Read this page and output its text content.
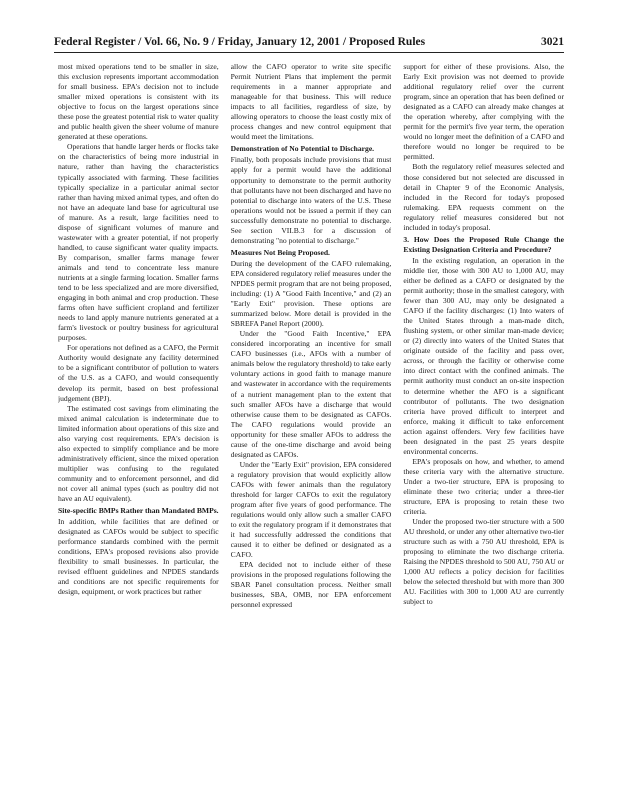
Federal Register / Vol. 66, No. 9 / Friday, January 12, 2001 / Proposed Rules	3021

most mixed operations tend to be smaller in size, this exclusion represents important accommodation for small business. EPA's decision not to include smaller mixed operations is consistent with its objective to focus on the largest operations since these pose the greatest potential risk to water quality and public health given the sheer volume of manure generated at these operations.

Operations that handle larger herds or flocks take on the characteristics of being more industrial in nature, rather than having the characteristics typically associated with farming. These facilities typically specialize in a particular animal sector rather than having mixed animal types, and often do not have an adequate land base for agricultural use of manure. As a result, large facilities need to dispose of significant volumes of manure and wastewater with a greater potential, if not properly handled, to cause significant water quality impacts. By comparison, smaller farms manage fewer animals and tend to concentrate less manure nutrients at a single farming location. Smaller farms tend to be less specialized and are more diversified, engaging in both animal and crop production. These farms often have sufficient cropland and fertilizer needs to land apply manure nutrients generated at a farm's livestock or poultry business for agricultural purposes.

For operations not defined as a CAFO, the Permit Authority would designate any facility determined to be a significant contributor of pollution to waters of the U.S. as a CAFO, and would consequently develop its permit, based on best professional judgement (BPJ).

The estimated cost savings from eliminating the mixed animal calculation is indeterminate due to limited information about operations of this size and also varying cost requirements. EPA's decision is also expected to simplify compliance and be more administratively efficient, since the mixed operation multiplier was confusing to the regulated community and to enforcement personnel, and did not cover all animal types (such as poultry did not have an AU equivalent).

Site-specific BMPs Rather than Mandated BMPs.

In addition, while facilities that are defined or designated as CAFOs would be subject to specific performance standards combined with the permit conditions, EPA's proposed revisions also provide flexibility to small businesses. In particular, the revised effluent guidelines and NPDES standards and conditions are not specific requirements for design, equipment, or work practices but rather

allow the CAFO operator to write site specific Permit Nutrient Plans that implement the permit requirements in a manner appropriate and manageable for that business. This will reduce impacts to all facilities, regardless of size, by allowing operators to choose the least costly mix of process changes and new control equipment that would meet the limitations.

Demonstration of No Potential to Discharge.

Finally, both proposals include provisions that must apply for a permit would have the additional opportunity to demonstrate to the permit authority that pollutants have not been discharged and have no potential to discharge into waters of the U.S. These operations would not be issued a permit if they can successfully demonstrate no potential to discharge. See section VII.B.3 for a discussion of demonstrating "no potential to discharge."

Measures Not Being Proposed.

During the development of the CAFO rulemaking, EPA considered regulatory relief measures under the NPDES permit program that are not being proposed, including: (1) A "Good Faith Incentive," and (2) an "Early Exit" provision. These options are summarized below. More detail is provided in the SBREFA Panel Report (2000).

Under the "Good Faith Incentive," EPA considered incorporating an incentive for small CAFO businesses (i.e., AFOs with a number of animals below the regulatory threshold) to take early voluntary actions in good faith to manage manure and wastewater in accordance with the requirements of a nutrient management plan to the extent that such smaller AFOs have a discharge that would otherwise cause them to be designated as CAFOs. The CAFO regulations would provide an opportunity for these smaller AFOs to address the cause of the one-time discharge and avoid being designated as CAFOs.

Under the "Early Exit" provision, EPA considered a regulatory provision that would explicitly allow CAFOs with fewer animals than the regulatory threshold for larger CAFOs to exit the regulatory program after five years of good performance. The regulations would only allow such a smaller CAFO to exit the regulatory program if it demonstrates that it had successfully addressed the conditions that caused it to either be defined or designated as a CAFO.

EPA decided not to include either of these provisions in the proposed regulations following the SBAR Panel consultation process. Neither small businesses, SBA, OMB, nor EPA enforcement personnel expressed

support for either of these provisions. Also, the Early Exit provision was not deemed to provide additional regulatory relief over the current program, since an operation that has been defined or designated as a CAFO can already make changes at the operation whereby, after complying with the permit for the permit's five year term, the operation would no longer meet the definition of a CAFO and therefore would no longer be required to be permitted.

Both the regulatory relief measures selected and those considered but not selected are discussed in detail in Chapter 9 of the Economic Analysis, included in the Record for today's proposed rulemaking. EPA requests comment on the regulatory relief measures considered but not included in today's proposal.

3. How Does the Proposed Rule Change the Existing Designation Criteria and Procedure?

In the existing regulation, an operation in the middle tier, those with 300 AU to 1,000 AU, may either be defined as a CAFO or designated by the permit authority; those in the smallest category, with fewer than 300 AU, may only be designated a CAFO if the facility discharges: (1) Into waters of the United States through a man-made ditch, flushing system, or other similar man-made device; or (2) directly into waters of the United States that originate outside of the facility and pass over, across, or through the facility or otherwise come into direct contact with the confined animals. The permit authority must conduct an on-site inspection to determine whether the AFO is a significant contributor of pollutants. The two designation criteria have proved difficult to interpret and enforce, making it difficult to take enforcement action against offenders. Very few facilities have been designated in the past 25 years despite environmental concerns.

EPA's proposals on how, and whether, to amend these criteria vary with the alternative structure. Under a two-tier structure, EPA is proposing to eliminate these two criteria; under a three-tier structure, EPA is proposing to retain these two criteria.

Under the proposed two-tier structure with a 500 AU threshold, or under any other alternative two-tier structure such as with a 750 AU threshold, EPA is proposing to eliminate the two discharge criteria. Raising the NPDES threshold to 500 AU, 750 AU or 1,000 AU reflects a policy decision for facilities below the selected threshold but with more than 300 AU. Facilities with 300 to 1,000 AU are currently subject to
